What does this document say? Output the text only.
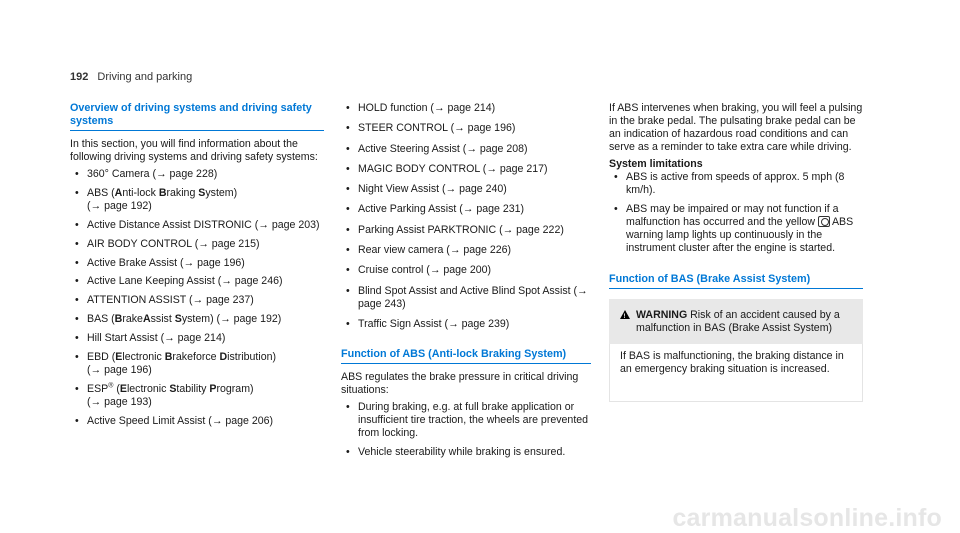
192 Driving and parking
Overview of driving systems and driving safety systems

In this section, you will find information about the following driving systems and driving safety systems:

• 360° Camera (→ page 228)
• ABS (Anti-lock Braking System)
(→ page 192)
• Active Distance Assist DISTRONIC (→ page 203)
• AIR BODY CONTROL (→ page 215)
• Active Brake Assist (→ page 196)
• Active Lane Keeping Assist (→ page 246)
• ATTENTION ASSIST (→ page 237)
• BAS (BrakeAssist System) (→ page 192)
• Hill Start Assist (→ page 214)
• EBD (Electronic Brakeforce Distribution)
(→ page 196)
• ESP® (Electronic Stability Program)
(→ page 193)
• Active Speed Limit Assist (→ page 206)
• HOLD function (→ page 214)
• STEER CONTROL (→ page 196)
• Active Steering Assist (→ page 208)
• MAGIC BODY CONTROL (→ page 217)
• Night View Assist (→ page 240)
• Active Parking Assist (→ page 231)
• Parking Assist PARKTRONIC (→ page 222)
• Rear view camera (→ page 226)
• Cruise control (→ page 200)
• Blind Spot Assist and Active Blind Spot Assist (→ page 243)
• Traffic Sign Assist (→ page 239)
Function of ABS (Anti-lock Braking System)

ABS regulates the brake pressure in critical driving situations:

• During braking, e.g. at full brake application or insufficient tire traction, the wheels are prevented from locking.
• Vehicle steerability while braking is ensured.

If ABS intervenes when braking, you will feel a pulsing in the brake pedal. The pulsating brake pedal can be an indication of hazardous road conditions and can serve as a reminder to take extra care while driving.

System limitations
• ABS is active from speeds of approx. 5 mph (8 km/h).
• ABS may be impaired or may not function if a malfunction has occurred and the yellow ABS warning lamp lights up continuously in the instrument cluster after the engine is started.
Function of BAS (Brake Assist System)
!
WARNING Risk of an accident caused by a malfunction in BAS (Brake Assist System)
If BAS is malfunctioning, the braking distance in an emergency braking situation is increased.
carmanualsonline.info
